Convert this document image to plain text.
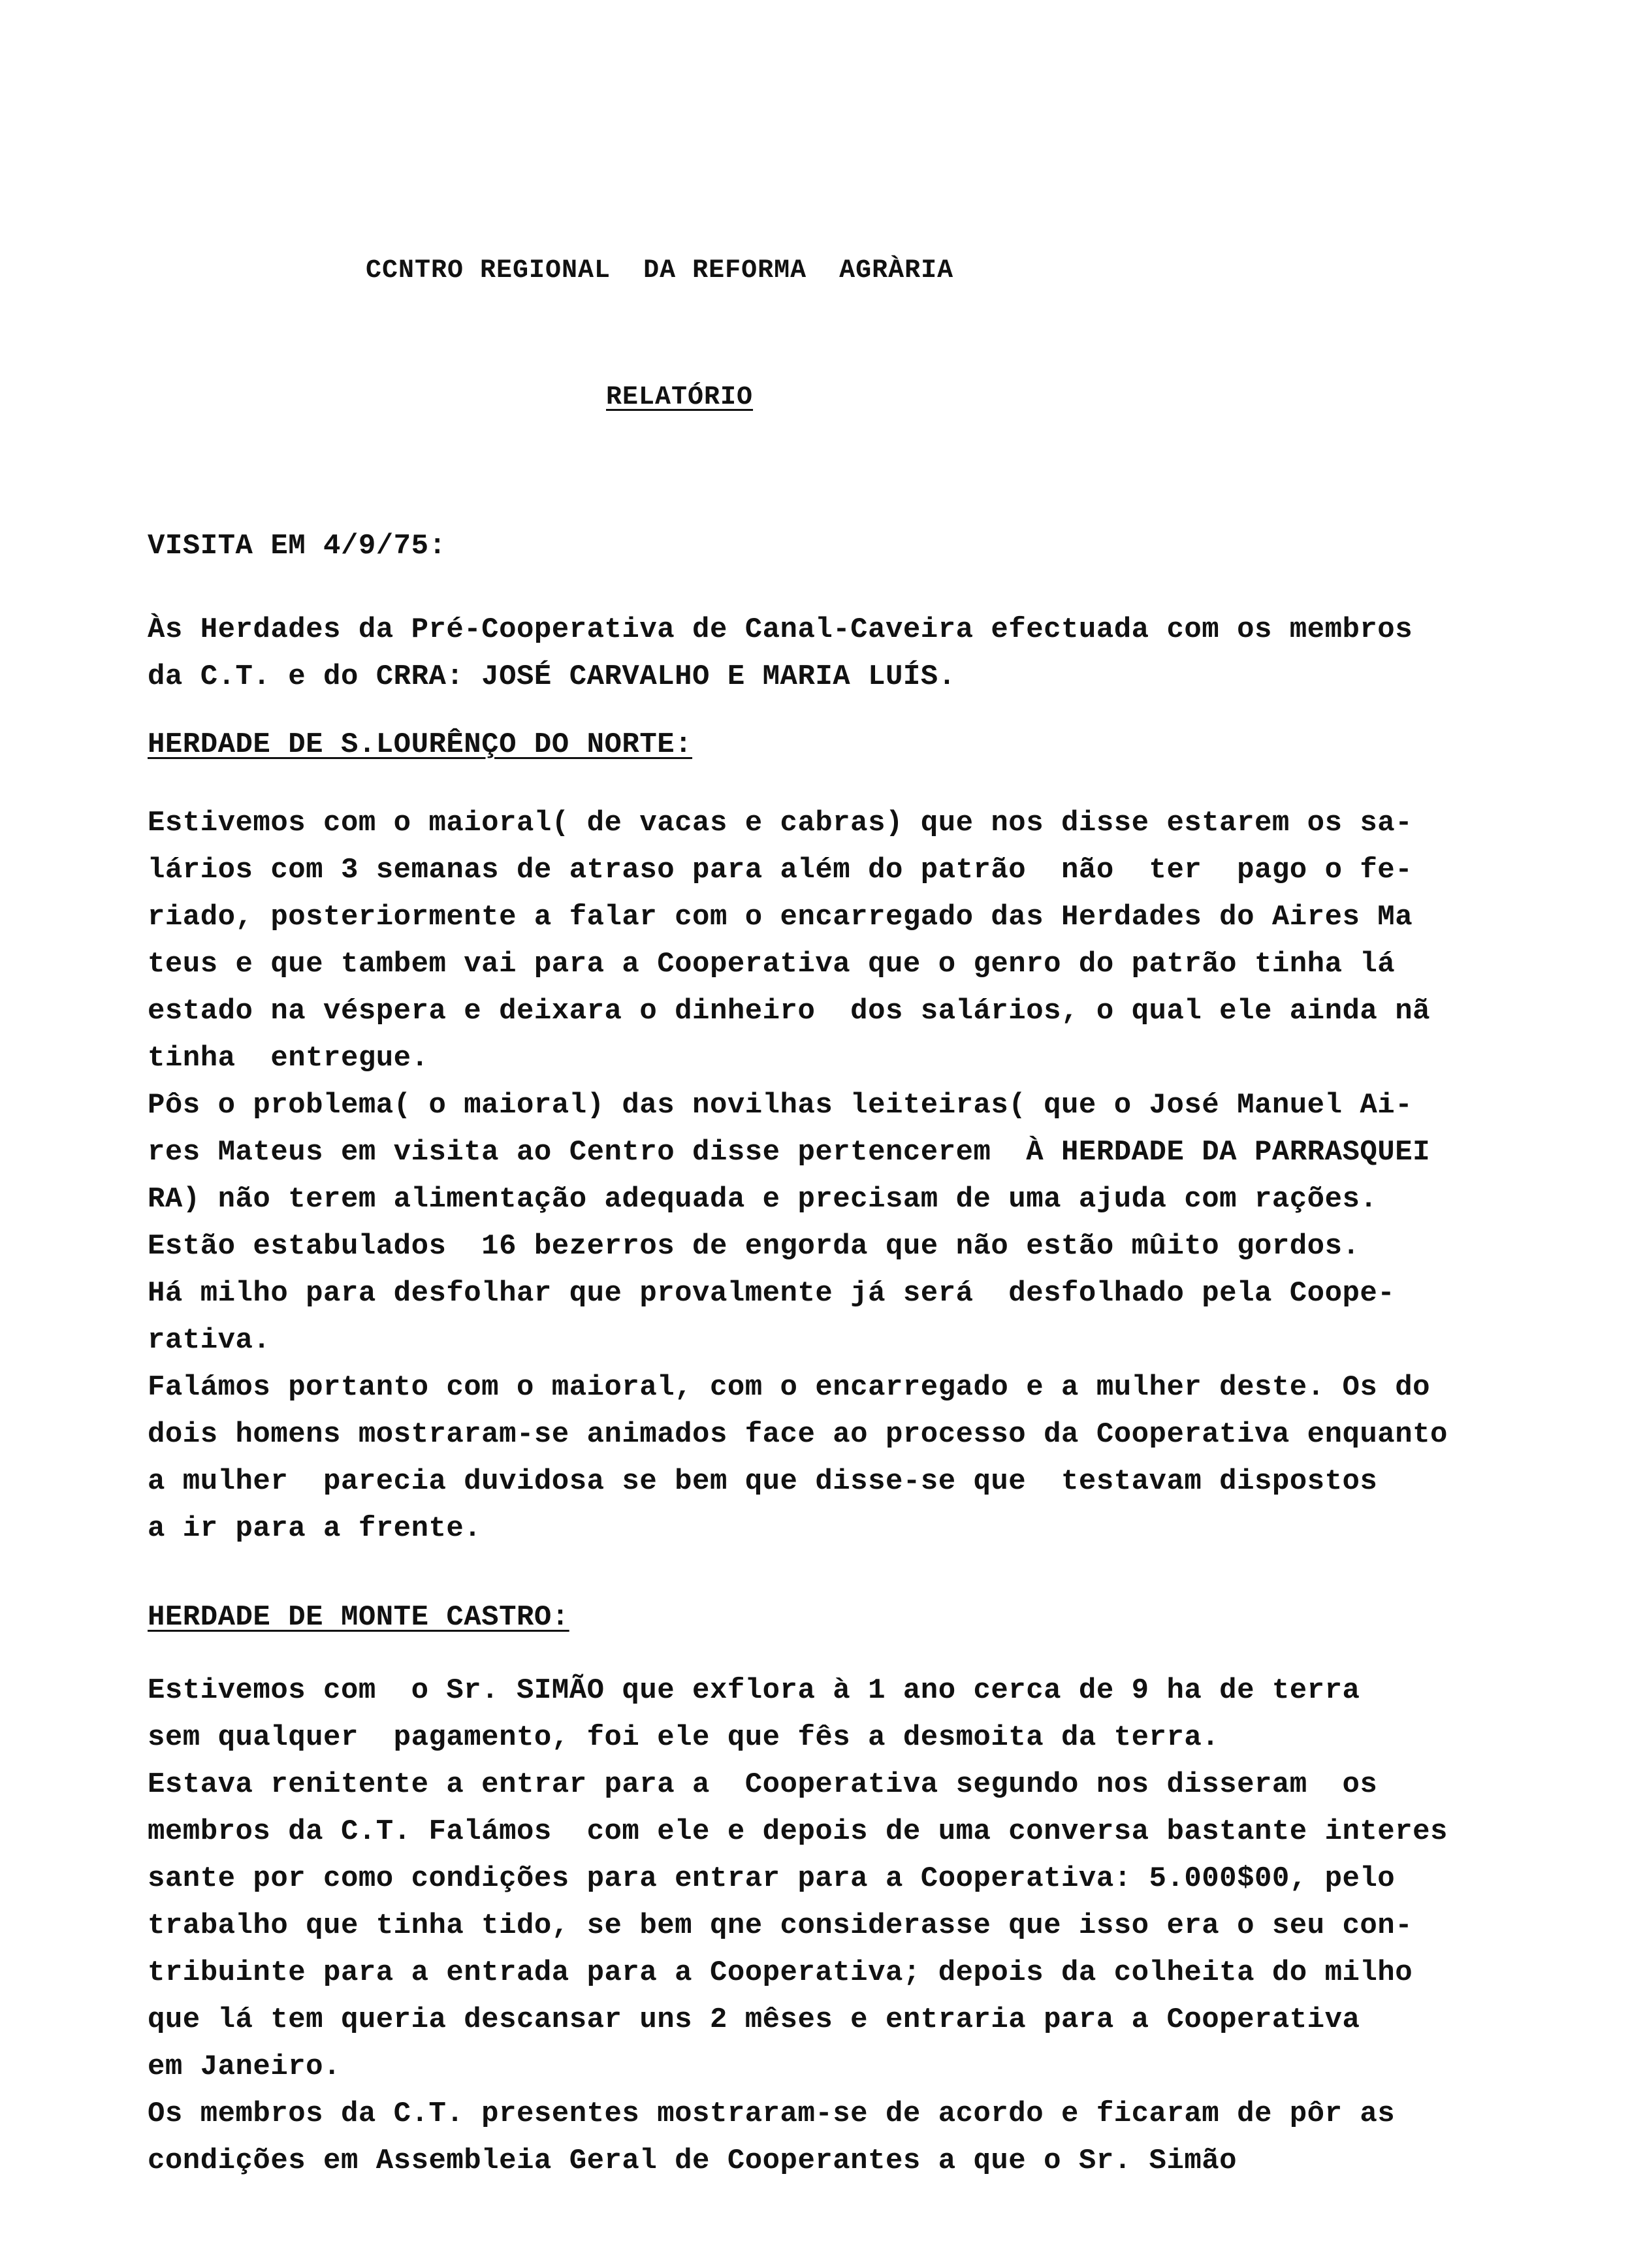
CCNTRO REGIONAL  DA REFORMA  AGRÀRIA
RELATÓRIO
VISITA EM 4/9/75:
Às Herdades da Pré-Cooperativa de Canal-Caveira efectuada com os membros
da C.T. e do CRRA: JOSÉ CARVALHO E MARIA LUÍS.
HERDADE DE S.LOURÊNÇO DO NORTE:
Estivemos com o maioral( de vacas e cabras) que nos disse estarem os sa-
lários com 3 semanas de atraso para além do patrão  não  ter  pago o fe-
riado, posteriormente a falar com o encarregado das Herdades do Aires Ma
teus e que tambem vai para a Cooperativa que o genro do patrão tinha lá
estado na véspera e deixara o dinheiro  dos salários, o qual ele ainda nã
tinha  entregue.
Pôs o problema( o maioral) das novilhas leiteiras( que o José Manuel Ai-
res Mateus em visita ao Centro disse pertencerem  À HERDADE DA PARRASQUEI
RA) não terem alimentação adequada e precisam de uma ajuda com rações.
Estão estabulados  16 bezerros de engorda que não estão mûito gordos.
Há milho para desfolhar que provalmente já será  desfolhado pela Coope-
rativa.
Falámos portanto com o maioral, com o encarregado e a mulher deste. Os do
dois homens mostraram-se animados face ao processo da Cooperativa enquanto
a mulher  parecia duvidosa se bem que disse-se que  testavam dispostos
a ir para a frente.
HERDADE DE MONTE CASTRO:
Estivemos com  o Sr. SIMÃO que exflora à 1 ano cerca de 9 ha de terra
sem qualquer  pagamento, foi ele que fês a desmoita da terra.
Estava renitente a entrar para a  Cooperativa segundo nos disseram  os
membros da C.T. Falámos  com ele e depois de uma conversa bastante interes
sante por como condições para entrar para a Cooperativa: 5.000$00, pelo
trabalho que tinha tido, se bem qne considerasse que isso era o seu con-
tribuinte para a entrada para a Cooperativa; depois da colheita do milho
que lá tem queria descansar uns 2 mêses e entraria para a Cooperativa
em Janeiro.
Os membros da C.T. presentes mostraram-se de acordo e ficaram de pôr as
condições em Assembleia Geral de Cooperantes a que o Sr. Simão
